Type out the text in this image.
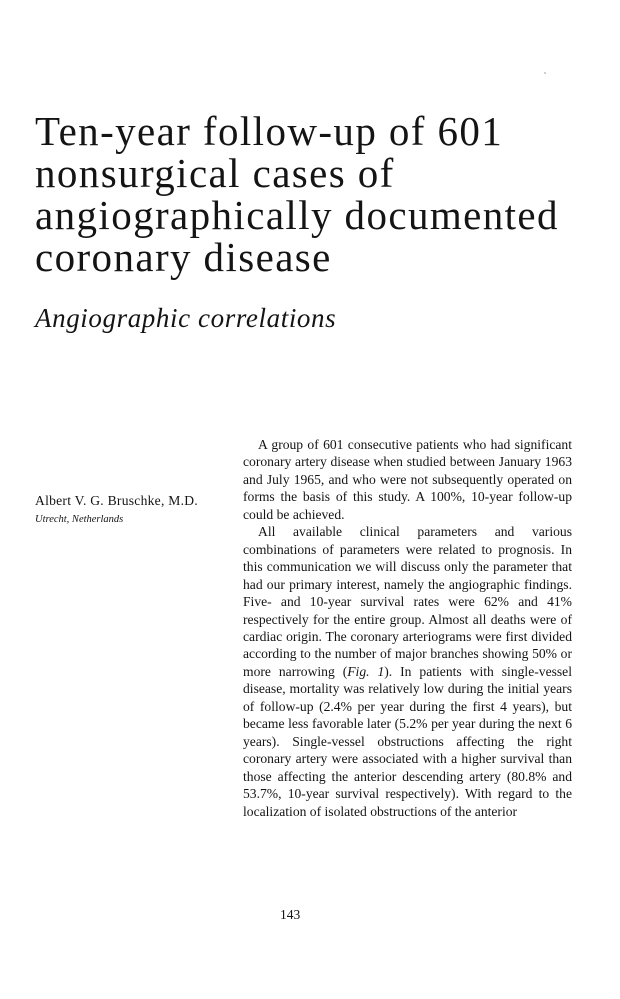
Ten-year follow-up of 601
nonsurgical cases of
angiographically documented
coronary disease
Angiographic correlations
Albert V. G. Bruschke, M.D.
Utrecht, Netherlands

A group of 601 consecutive patients who had significant coronary artery disease when studied between January 1963 and July 1965, and who were not subsequently operated on forms the basis of this study. A 100%, 10-year follow-up could be achieved.

All available clinical parameters and various combinations of parameters were related to prognosis. In this communication we will discuss only the parameter that had our primary interest, namely the angiographic findings. Five- and 10-year survival rates were 62% and 41% respectively for the entire group. Almost all deaths were of cardiac origin. The coronary arteriograms were first divided according to the number of major branches showing 50% or more narrowing (Fig. 1). In patients with single-vessel disease, mortality was relatively low during the initial years of follow-up (2.4% per year during the first 4 years), but became less favorable later (5.2% per year during the next 6 years). Single-vessel obstructions affecting the right coronary artery were associated with a higher survival than those affecting the anterior descending artery (80.8% and 53.7%, 10-year survival respectively). With regard to the localization of isolated obstructions of the anterior

143
